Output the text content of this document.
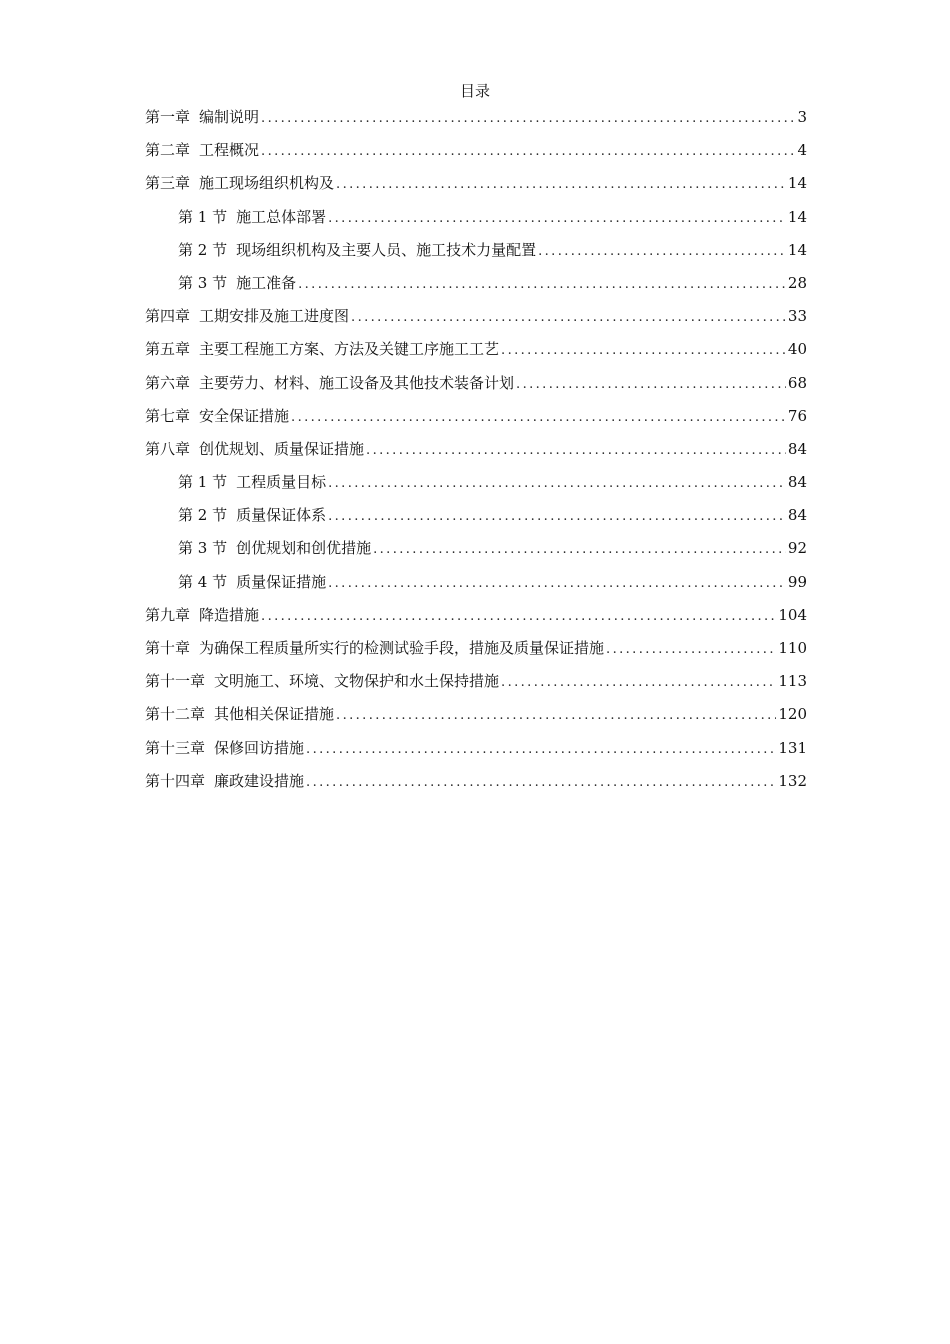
目录
第一章 编制说明 .....	3
第二章 工程概况 .....	4
第三章 施工现场组织机构及 .....	14
第 1 节 施工总体部署 .....	14
第 2 节 现场组织机构及主要人员、施工技术力量配置 .....	14
第 3 节 施工准备 .....	28
第四章 工期安排及施工进度图 .....	33
第五章 主要工程施工方案、方法及关键工序施工工艺 .....	40
第六章 主要劳力、材料、施工设备及其他技术装备计划 .....	68
第七章 安全保证措施 .....	76
第八章 创优规划、质量保证措施 .....	84
第 1 节 工程质量目标 .....	84
第 2 节 质量保证体系 .....	84
第 3 节 创优规划和创优措施 .....	92
第 4 节 质量保证措施 .....	99
第九章 降造措施 .....	104
第十章 为确保工程质量所实行的检测试验手段，措施及质量保证措施 .....	110
第十一章 文明施工、环境、文物保护和水土保持措施 .....	113
第十二章 其他相关保证措施 .....	120
第十三章 保修回访措施 .....	131
第十四章 廉政建设措施 .....	132
